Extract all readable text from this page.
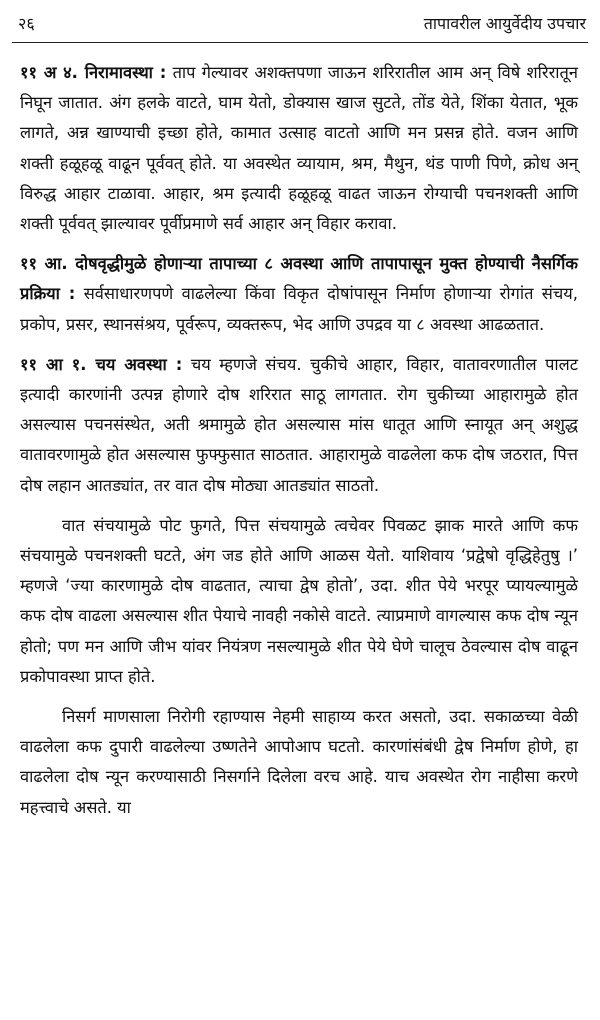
२६	तापावरील आयुर्वेदीय उपचार

११ अ ४. निरामावस्था : ताप गेल्यावर अशक्तपणा जाऊन शरिरातील आम अन् विषे शरिरातून निघून जातात. अंग हलके वाटते, घाम येतो, डोक्यास खाज सुटते, तोंड येते, शिंका येतात, भूक लागते, अन्न खाण्याची इच्छा होते, कामात उत्साह वाटतो आणि मन प्रसन्न होते. वजन आणि शक्ती हळूहळू वाढून पूर्ववत् होते. या अवस्थेत व्यायाम, श्रम, मैथुन, थंड पाणी पिणे, क्रोध अन् विरुद्ध आहार टाळावा. आहार, श्रम इत्यादी हळूहळू वाढत जाऊन रोग्याची पचनशक्ती आणि शक्ती पूर्ववत् झाल्यावर पूर्वीप्रमाणे सर्व आहार अन् विहार करावा.

११ आ. दोषवृद्धीमुळे होणाऱ्या तापाच्या ८ अवस्था आणि तापापासून मुक्त होण्याची नैसर्गिक प्रक्रिया : सर्वसाधारणपणे वाढलेल्या किंवा विकृत दोषांपासून निर्माण होणाऱ्या रोगांत संचय, प्रकोप, प्रसर, स्थानसंश्रय, पूर्वरूप, व्यक्तरूप, भेद आणि उपद्रव या ८ अवस्था आढळतात.

११ आ १. चय अवस्था : चय म्हणजे संचय. चुकीचे आहार, विहार, वातावरणातील पालट इत्यादी कारणांनी उत्पन्न होणारे दोष शरिरात साठू लागतात. रोग चुकीच्या आहारामुळे होत असल्यास पचनसंस्थेत, अती श्रमामुळे होत असल्यास मांस धातूत आणि स्नायूत अन् अशुद्ध वातावरणामुळे होत असल्यास फुफ्फुसात साठतात. आहारामुळे वाढलेला कफ दोष जठरात, पित्त दोष लहान आतड्यांत, तर वात दोष मोठ्या आतड्यांत साठतो.

वात संचयामुळे पोट फुगते, पित्त संचयामुळे त्वचेवर पिवळट झाक मारते आणि कफ संचयामुळे पचनशक्ती घटते, अंग जड होते आणि आळस येतो. याशिवाय ‘प्रद्वेषो वृद्धिहेतुषु ।’ म्हणजे ‘ज्या कारणामुळे दोष वाढतात, त्याचा द्वेष होतो’, उदा. शीत पेये भरपूर प्यायल्यामुळे कफ दोष वाढला असल्यास शीत पेयाचे नावही नकोसे वाटते. त्याप्रमाणे वागल्यास कफ दोष न्यून होतो; पण मन आणि जीभ यांवर नियंत्रण नसल्यामुळे शीत पेये घेणे चालूच ठेवल्यास दोष वाढून प्रकोपावस्था प्राप्त होते.

निसर्ग माणसाला निरोगी रहाण्यास नेहमी साहाय्य करत असतो, उदा. सकाळच्या वेळी वाढलेला कफ दुपारी वाढलेल्या उष्णतेने आपोआप घटतो. कारणांसंबंधी द्वेष निर्माण होणे, हा वाढलेला दोष न्यून करण्यासाठी निसर्गाने दिलेला वरच आहे. याच अवस्थेत रोग नाहीसा करणे महत्त्वाचे असते. या
